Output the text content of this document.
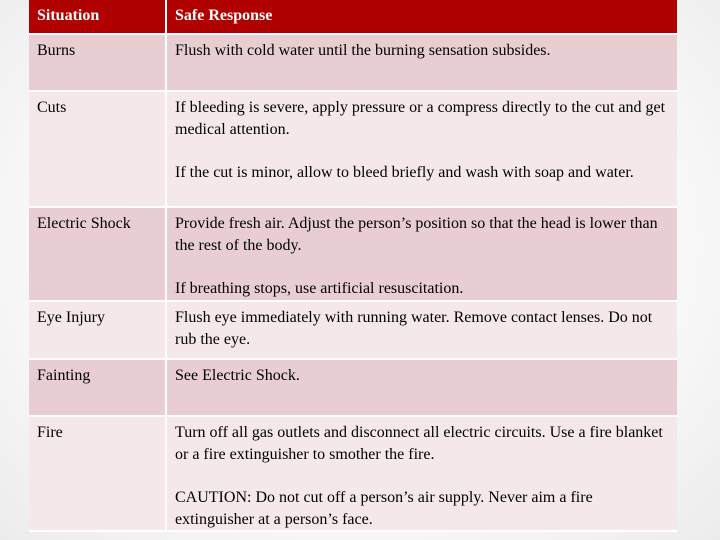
Situation	Safe Response
Burns	Flush with cold water until the burning sensation subsides.
Cuts	If bleeding is severe, apply pressure or a compress directly to the cut and get medical attention.
If the cut is minor, allow to bleed briefly and wash with soap and water.
Electric Shock	Provide fresh air. Adjust the person’s position so that the head is lower than the rest of the body.
If breathing stops, use artificial resuscitation.
Eye Injury	Flush eye immediately with running water. Remove contact lenses. Do not rub the eye.
Fainting	See Electric Shock.
Fire	Turn off all gas outlets and disconnect all electric circuits. Use a fire blanket or a fire extinguisher to smother the fire.
CAUTION: Do not cut off a person’s air supply. Never aim a fire extinguisher at a person’s face.
